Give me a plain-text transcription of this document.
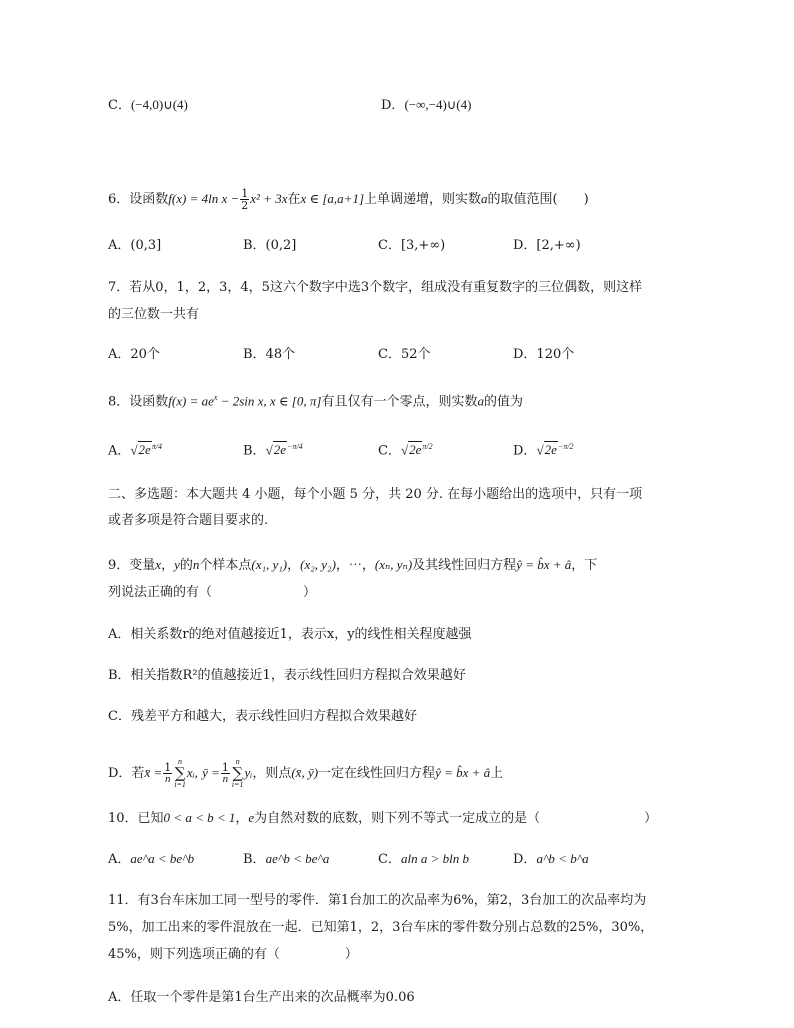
C．(−4,0)∪(4)	D．(−∞,−4)∪(4)
6．设函数f(x) = 4ln $x - \frac{1}{2} x^2 + 3x$在x ∈ [a,a+1]上单调递增，则实数a的取值范围(　　)
A．(0,3]	B．(0,2]	C．[3,+∞)	D．[2,+∞)
7．若从0，1，2，3，4，5这六个数字中选3个数字，组成没有重复数字的三位偶数，则这样
的三位数一共有
A．20个	B．48个	C．52个	D．120个
8．设函数$f(x) = ae^x - 2\sin$ x, x ∈ [0, π]有且仅有一个零点，则实数a的值为
A．$√2e^{\pi/4}$	B．$√2e^{-\pi/4}$	C．$√2e^{\pi/2}$	D．$√2e^{-\pi/2}$
二、多选题：本大题共 4 小题，每个小题 5 分，共 20 分. 在每小题给出的选项中，只有一项
或者多项是符合题目要求的.
9．变量x，y的n个样本点(x₁, y₁)，(x₂, y₂)，⋯，(xₙ, yₙ)及其线性回归方程ŷ = b̂x + â，下
列说法正确的有（　　　　　　　）
A．相关系数r的绝对值越接近1，表示x，y的线性相关程度越强
B．相关指数R²的值越接近1，表示线性回归方程拟合效果越好
C．残差平方和越大，表示线性回归方程拟合效果越好
D．若x̄ = $\frac{1}{n}$
n
∑
i=1
xᵢ, ȳ = $\frac{1}{n}$
n
∑
i=1
yᵢ，则点(x̄, ȳ)一定在线性回归方程ŷ = b̂x + â上
10．已知0 < a < b < 1，e为自然对数的底数，则下列不等式一定成立的是（　　　　　　　　）
A．ae^a < be^b	B．ae^b < be^a	C．aln a > bln b	D．a^b < b^a
11．有3台车床加工同一型号的零件．第1台加工的次品率为6%，第2，3台加工的次品率均为
5%，加工出来的零件混放在一起．已知第1，2，3台车床的零件数分别占总数的25%，30%，
45%，则下列选项正确的有（　　　　　）
A．任取一个零件是第1台生产出来的次品概率为0.06
